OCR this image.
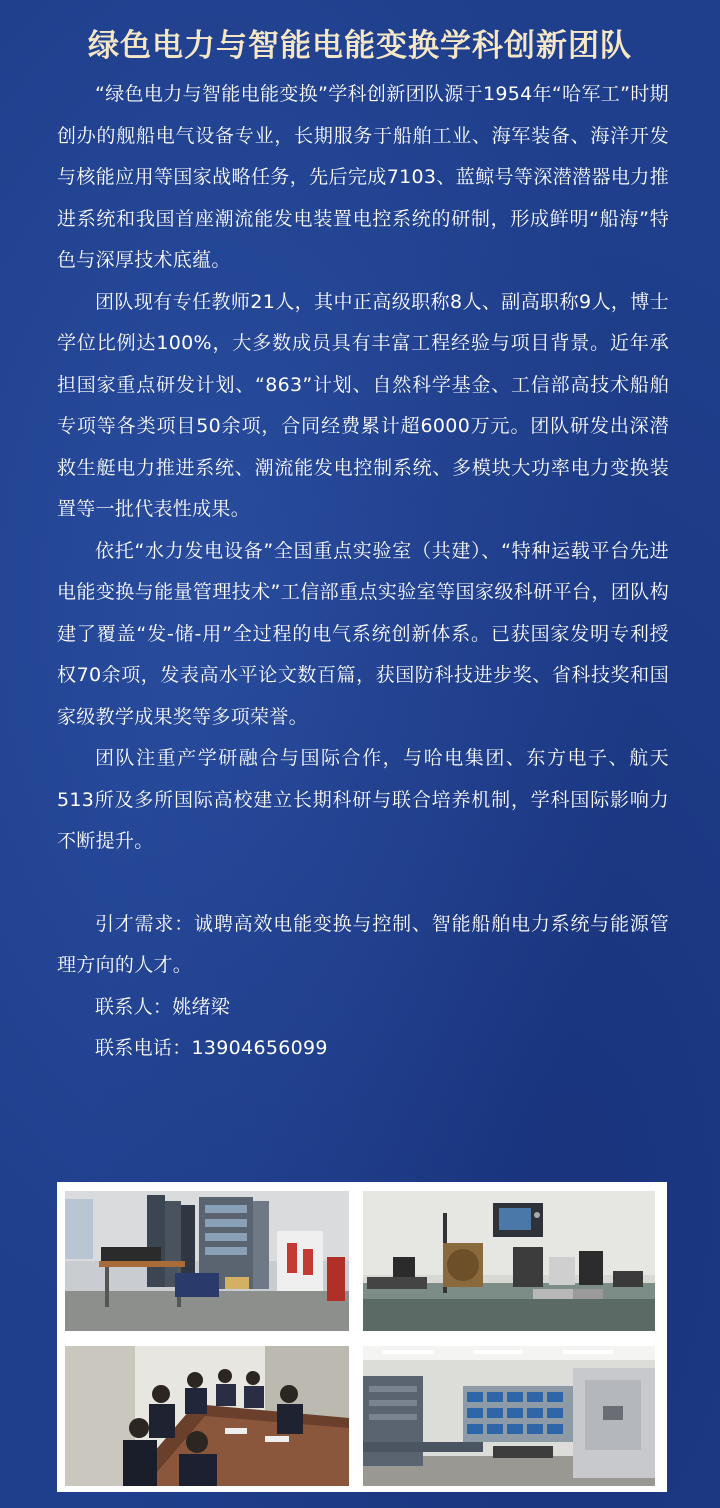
绿色电力与智能电能变换学科创新团队

“绿色电力与智能电能变换”学科创新团队源于1954年“哈军工”时期创办的舰船电气设备专业，长期服务于船舶工业、海军装备、海洋开发与核能应用等国家战略任务，先后完成7103、蓝鲸号等深潜潜器电力推进系统和我国首座潮流能发电装置电控系统的研制，形成鲜明“船海”特色与深厚技术底蕴。

团队现有专任教师21人，其中正高级职称8人、副高职称9人，博士学位比例达100%，大多数成员具有丰富工程经验与项目背景。近年承担国家重点研发计划、“863”计划、自然科学基金、工信部高技术船舶专项等各类项目50余项，合同经费累计超6000万元。团队研发出深潜救生艇电力推进系统、潮流能发电控制系统、多模块大功率电力变换装置等一批代表性成果。

依托“水力发电设备”全国重点实验室（共建）、“特种运载平台先进电能变换与能量管理技术”工信部重点实验室等国家级科研平台，团队构建了覆盖“发-储-用”全过程的电气系统创新体系。已获国家发明专利授权70余项，发表高水平论文数百篇，获国防科技进步奖、省科技奖和国家级教学成果奖等多项荣誉。

团队注重产学研融合与国际合作，与哈电集团、东方电子、航天513所及多所国际高校建立长期科研与联合培养机制，学科国际影响力不断提升。

引才需求：诚聘高效电能变换与控制、智能船舶电力系统与能源管理方向的人才。

联系人：姚绪梁

联系电话：13904656099
